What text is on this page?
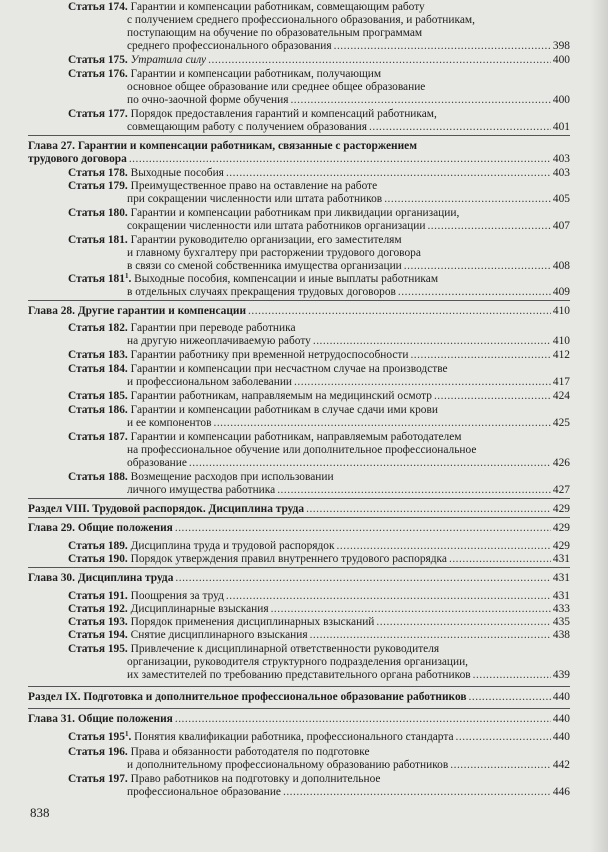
Статья 174. Гарантии и компенсации работникам, совмещающим работу
с получением среднего профессионального образования, и работникам,
поступающим на обучение по образовательным программам
среднего профессионального образования .....	398
Статья 175. Утратила силу .....	400
Статья 176. Гарантии и компенсации работникам, получающим
основное общее образование или среднее общее образование
по очно-заочной форме обучения .....	400
Статья 177. Порядок предоставления гарантий и компенсаций работникам,
совмещающим работу с получением образования .....	401
Глава 27. Гарантии и компенсации работникам, связанные с расторжением
трудового договора .....	403
Статья 178. Выходные пособия .....	403
Статья 179. Преимущественное право на оставление на работе
при сокращении численности или штата работников .....	405
Статья 180. Гарантии и компенсации работникам при ликвидации организации,
сокращении численности или штата работников организации .....	407
Статья 181. Гарантии руководителю организации, его заместителям
и главному бухгалтеру при расторжении трудового договора
в связи со сменой собственника имущества организации .....	408
Статья $181^1$. Выходные пособия, компенсации и иные выплаты работникам
в отдельных случаях прекращения трудовых договоров .....	409
Глава 28. Другие гарантии и компенсации .....	410
Статья 182. Гарантии при переводе работника
на другую нижеоплачиваемую работу .....	410
Статья 183. Гарантии работнику при временной нетрудоспособности .....	412
Статья 184. Гарантии и компенсации при несчастном случае на производстве
и профессиональном заболевании .....	417
Статья 185. Гарантии работникам, направляемым на медицинский осмотр .....	424
Статья 186. Гарантии и компенсации работникам в случае сдачи ими крови
и ее компонентов .....	425
Статья 187. Гарантии и компенсации работникам, направляемым работодателем
на профессиональное обучение или дополнительное профессиональное
образование .....	426
Статья 188. Возмещение расходов при использовании
личного имущества работника .....	427
Раздел VIII. Трудовой распорядок. Дисциплина труда .....	429
Глава 29. Общие положения .....	429
Статья 189. Дисциплина труда и трудовой распорядок .....	429
Статья 190. Порядок утверждения правил внутреннего трудового распорядка .....	431
Глава 30. Дисциплина труда .....	431
Статья 191. Поощрения за труд .....	431
Статья 192. Дисциплинарные взыскания .....	433
Статья 193. Порядок применения дисциплинарных взысканий .....	435
Статья 194. Снятие дисциплинарного взыскания .....	438
Статья 195. Привлечение к дисциплинарной ответственности руководителя
организации, руководителя структурного подразделения организации,
их заместителей по требованию представительного органа работников .....	439
Раздел IX. Подготовка и дополнительное профессиональное образование работников .....	440
Глава 31. Общие положения .....	440
Статья $195^1$. Понятия квалификации работника, профессионального стандарта .....	440
Статья 196. Права и обязанности работодателя по подготовке
и дополнительному профессиональному образованию работников .....	442
Статья 197. Право работников на подготовку и дополнительное
профессиональное образование .....	446
838
